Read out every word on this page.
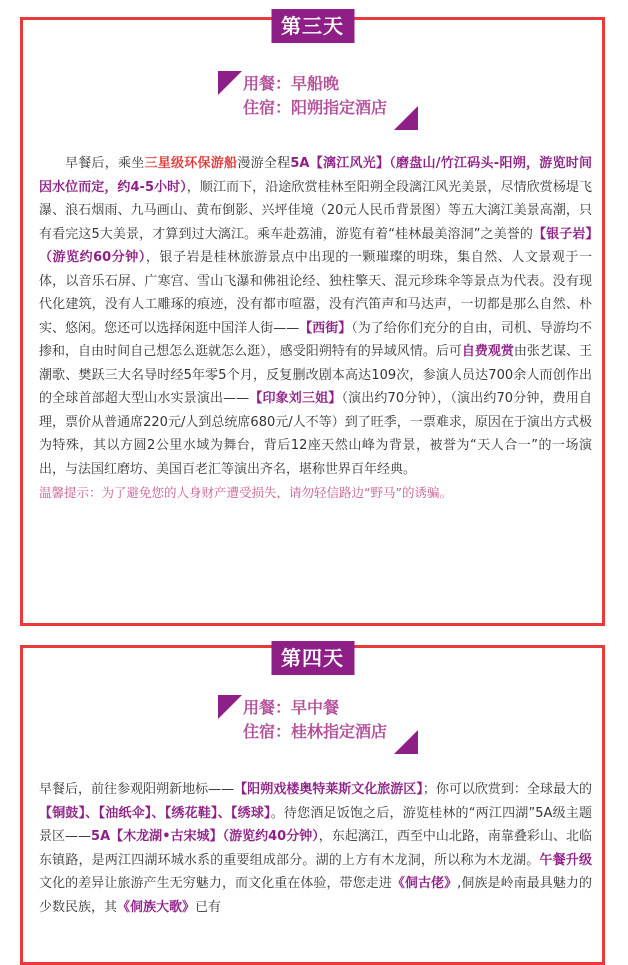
第三天
用餐：早船晚
住宿：阳朔指定酒店

早餐后，乘坐三星级环保游船漫游全程5A【漓江风光】（磨盘山/竹江码头-阳朔，游览时间因水位而定，约4-5小时），顺江而下，沿途欣赏桂林至阳朔全段漓江风光美景，尽情欣赏杨堤飞瀑、浪石烟雨、九马画山、黄布倒影、兴坪佳境（20元人民币背景图）等五大漓江美景高潮，只有看完这5大美景，才算到过大漓江。乘车赴荔浦，游览有着“桂林最美溶洞”之美誉的【银子岩】（游览约60分钟），银子岩是桂林旅游景点中出现的一颗璀璨的明珠，集自然、人文景观于一体，以音乐石屏、广寒宫、雪山飞瀑和佛祖论经、独柱擎天、混元珍珠伞等景点为代表。没有现代化建筑，没有人工雕琢的痕迹，没有都市喧嚣，没有汽笛声和马达声，一切都是那么自然、朴实、悠闲。您还可以选择闲逛中国洋人街——【西街】（为了给你们充分的自由，司机、导游均不掺和，自由时间自己想怎么逛就怎么逛），感受阳朔特有的异域风情。后可自费观赏由张艺谋、王潮歌、樊跃三大名导时经5年零5个月，反复删改剧本高达109次，参演人员达700余人而创作出的全球首部超大型山水实景演出——【印象刘三姐】（演出约70分钟），（演出约70分钟，费用自理，票价从普通席220元/人到总统席680元/人不等）到了旺季，一票难求，原因在于演出方式极为特殊，其以方圆2公里水域为舞台，背后12座天然山峰为背景，被誉为“天人合一”的一场演出，与法国红磨坊、美国百老汇等演出齐名，堪称世界百年经典。

温馨提示：为了避免您的人身财产遭受损失，请勿轻信路边“野马”的诱骗。

第四天
用餐：早中餐
住宿：桂林指定酒店

早餐后，前往参观阳朔新地标——【阳朔戏楼奥特莱斯文化旅游区】；你可以欣赏到：全球最大的【铜鼓】、【油纸伞】、【绣花鞋】、【绣球】。待您酒足饭饱之后，游览桂林的“两江四湖”5A级主题景区——5A【木龙湖•古宋城】（游览约40分钟），东起漓江，西至中山北路，南靠叠彩山、北临东镇路，是两江四湖环城水系的重要组成部分。湖的上方有木龙洞，所以称为木龙湖。午餐升级文化的差异让旅游产生无穷魅力，而文化重在体验，带您走进《侗古佬》,侗族是岭南最具魅力的少数民族，其《侗族大歌》已有
